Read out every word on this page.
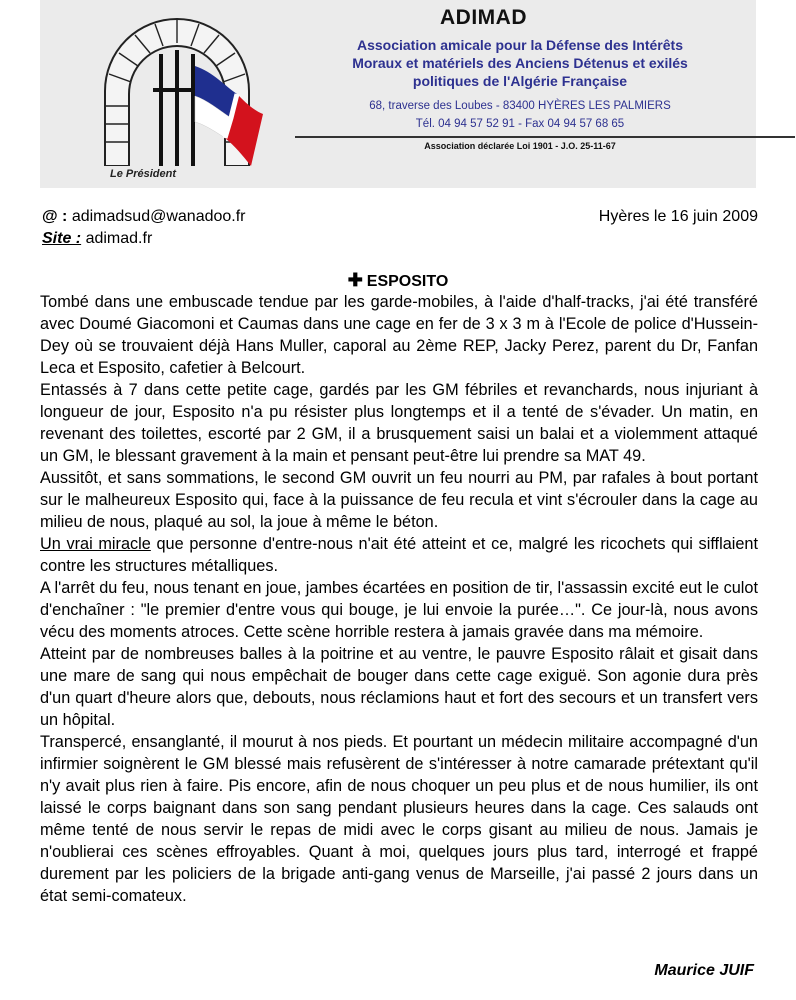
Le Président
ADIMAD
Association amicale pour la Défense des Intérêts
Moraux et matériels des Anciens Détenus et exilés
politiques de l'Algérie Française
68, traverse des Loubes - 83400 HYÈRES LES PALMIERS
Tél. 04 94 57 52 91 - Fax 04 94 57 68 65
Association déclarée Loi 1901 - J.O. 25-11-67
@ : adimadsud@wanadoo.fr
Site : adimad.fr
Hyères le 16 juin 2009
✚ ESPOSITO

Tombé dans une embuscade tendue par les garde-mobiles, à l'aide d'half-tracks, j'ai été transféré avec Doumé Giacomoni et Caumas dans une cage en fer de 3 x 3 m à l'Ecole de police d'Hussein-Dey où se trouvaient déjà Hans Muller, caporal au 2ème REP, Jacky Perez, parent du Dr, Fanfan Leca et Esposito, cafetier à Belcourt.

Entassés à 7 dans cette petite cage, gardés par les GM fébriles et revanchards, nous injuriant à longueur de jour, Esposito n'a pu résister plus longtemps et il a tenté de s'évader. Un matin, en revenant des toilettes, escorté par 2 GM, il a brusquement saisi un balai et a violemment attaqué un GM, le blessant gravement à la main et pensant peut-être lui prendre sa MAT 49.

Aussitôt, et sans sommations, le second GM ouvrit un feu nourri au PM, par rafales à bout portant sur le malheureux Esposito qui, face à la puissance de feu recula et vint s'écrouler dans la cage au milieu de nous, plaqué au sol, la joue à même le béton.

Un vrai miracle que personne d'entre-nous n'ait été atteint et ce, malgré les ricochets qui sifflaient contre les structures métalliques.

A l'arrêt du feu, nous tenant en joue, jambes écartées en position de tir, l'assassin excité eut le culot d'enchaîner : "le premier d'entre vous qui bouge, je lui envoie la purée…". Ce jour-là, nous avons vécu des moments atroces. Cette scène horrible restera à jamais gravée dans ma mémoire.

Atteint par de nombreuses balles à la poitrine et au ventre, le pauvre Esposito râlait et gisait dans une mare de sang qui nous empêchait de bouger dans cette cage exiguë. Son agonie dura près d'un quart d'heure alors que, debouts, nous réclamions haut et fort des secours et un transfert vers un hôpital.

Transpercé, ensanglanté, il mourut à nos pieds. Et pourtant un médecin militaire accompagné d'un infirmier soignèrent le GM blessé mais refusèrent de s'intéresser à notre camarade prétextant qu'il n'y avait plus rien à faire. Pis encore, afin de nous choquer un peu plus et de nous humilier, ils ont laissé le corps baignant dans son sang pendant plusieurs heures dans la cage. Ces salauds ont même tenté de nous servir le repas de midi avec le corps gisant au milieu de nous. Jamais je n'oublierai ces scènes effroyables. Quant à moi, quelques jours plus tard, interrogé et frappé durement par les policiers de la brigade anti-gang venus de Marseille, j'ai passé 2 jours dans un état semi-comateux.

Maurice JUIF
